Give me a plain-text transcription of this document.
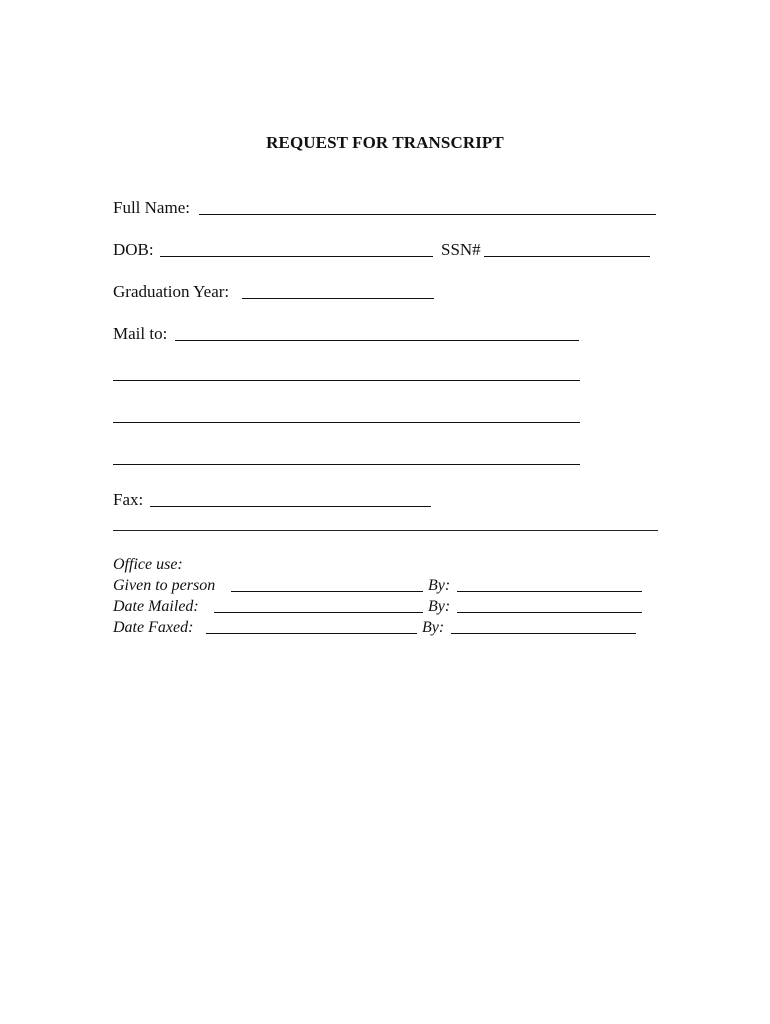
REQUEST FOR TRANSCRIPT
Full Name:
DOB:	SSN#
Graduation Year:
Mail to:
Fax:
Office use:
Given to person	By:
Date Mailed:	By:
Date Faxed:	By:
